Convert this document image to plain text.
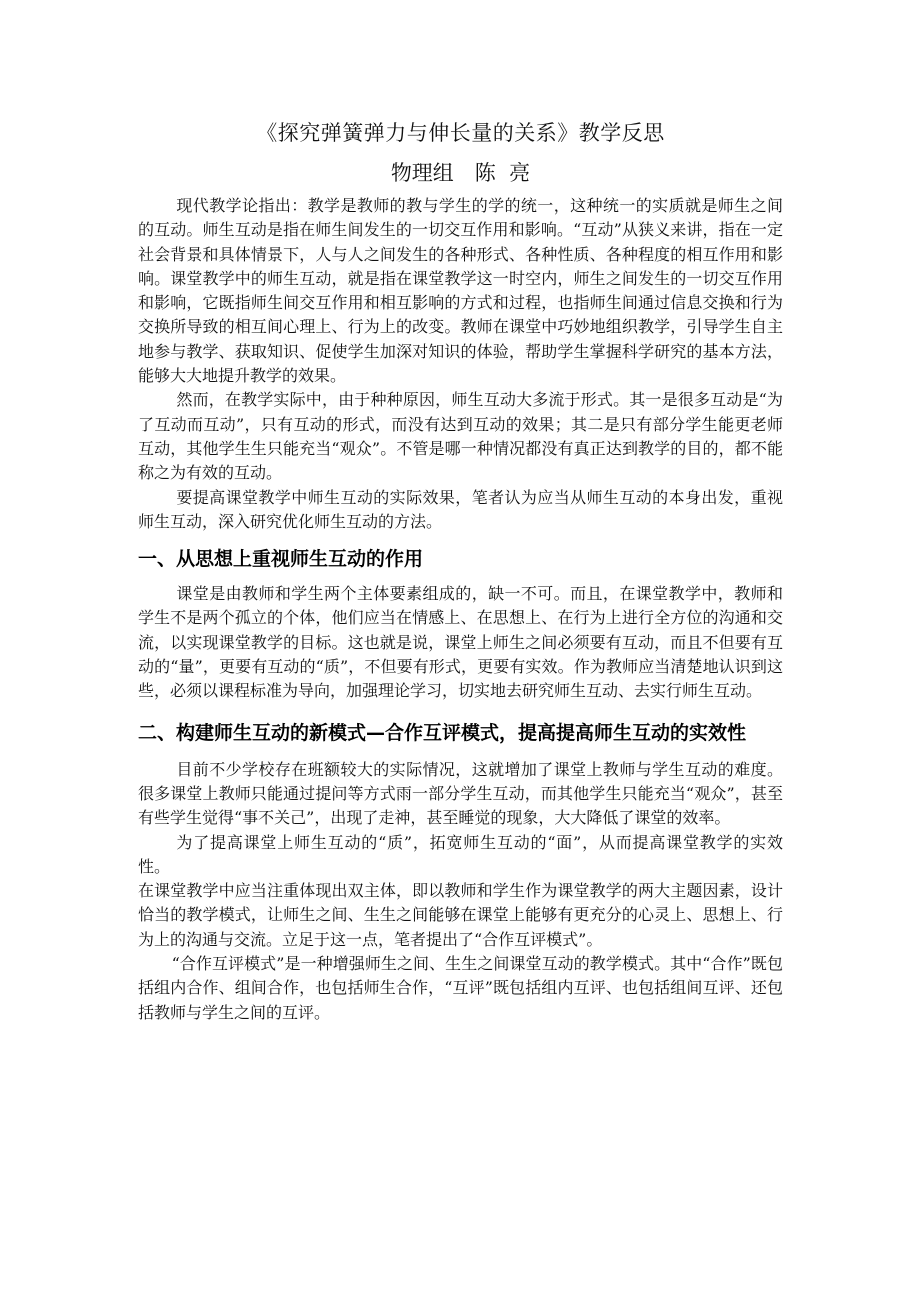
《探究弹簧弹力与伸长量的关系》教学反思
物理组　陈  亮

现代教学论指出：教学是教师的教与学生的学的统一，这种统一的实质就是师生之间的互动。师生互动是指在师生间发生的一切交互作用和影响。“互动”从狭义来讲，指在一定社会背景和具体情景下，人与人之间发生的各种形式、各种性质、各种程度的相互作用和影响。课堂教学中的师生互动，就是指在课堂教学这一时空内，师生之间发生的一切交互作用和影响，它既指师生间交互作用和相互影响的方式和过程，也指师生间通过信息交换和行为交换所导致的相互间心理上、行为上的改变。教师在课堂中巧妙地组织教学，引导学生自主地参与教学、获取知识、促使学生加深对知识的体验，帮助学生掌握科学研究的基本方法，能够大大地提升教学的效果。

然而，在教学实际中，由于种种原因，师生互动大多流于形式。其一是很多互动是“为了互动而互动”，只有互动的形式，而没有达到互动的效果；其二是只有部分学生能更老师互动，其他学生生只能充当“观众”。不管是哪一种情况都没有真正达到教学的目的，都不能称之为有效的互动。

要提高课堂教学中师生互动的实际效果，笔者认为应当从师生互动的本身出发，重视师生互动，深入研究优化师生互动的方法。

一、从思想上重视师生互动的作用

课堂是由教师和学生两个主体要素组成的，缺一不可。而且，在课堂教学中，教师和学生不是两个孤立的个体，他们应当在情感上、在思想上、在行为上进行全方位的沟通和交流，以实现课堂教学的目标。这也就是说，课堂上师生之间必须要有互动，而且不但要有互动的“量”，更要有互动的“质”，不但要有形式，更要有实效。作为教师应当清楚地认识到这些，必须以课程标准为导向，加强理论学习，切实地去研究师生互动、去实行师生互动。

二、构建师生互动的新模式—合作互评模式，提高提高师生互动的实效性

目前不少学校存在班额较大的实际情况，这就增加了课堂上教师与学生互动的难度。很多课堂上教师只能通过提问等方式雨一部分学生互动，而其他学生只能充当“观众”，甚至有些学生觉得“事不关己”，出现了走神，甚至睡觉的现象，大大降低了课堂的效率。

为了提高课堂上师生互动的“质”，拓宽师生互动的“面”，从而提高课堂教学的实效性。

在课堂教学中应当注重体现出双主体，即以教师和学生作为课堂教学的两大主题因素，设计恰当的教学模式，让师生之间、生生之间能够在课堂上能够有更充分的心灵上、思想上、行为上的沟通与交流。立足于这一点，笔者提出了“合作互评模式”。

“合作互评模式”是一种增强师生之间、生生之间课堂互动的教学模式。其中“合作”既包括组内合作、组间合作，也包括师生合作，“互评”既包括组内互评、也包括组间互评、还包括教师与学生之间的互评。
